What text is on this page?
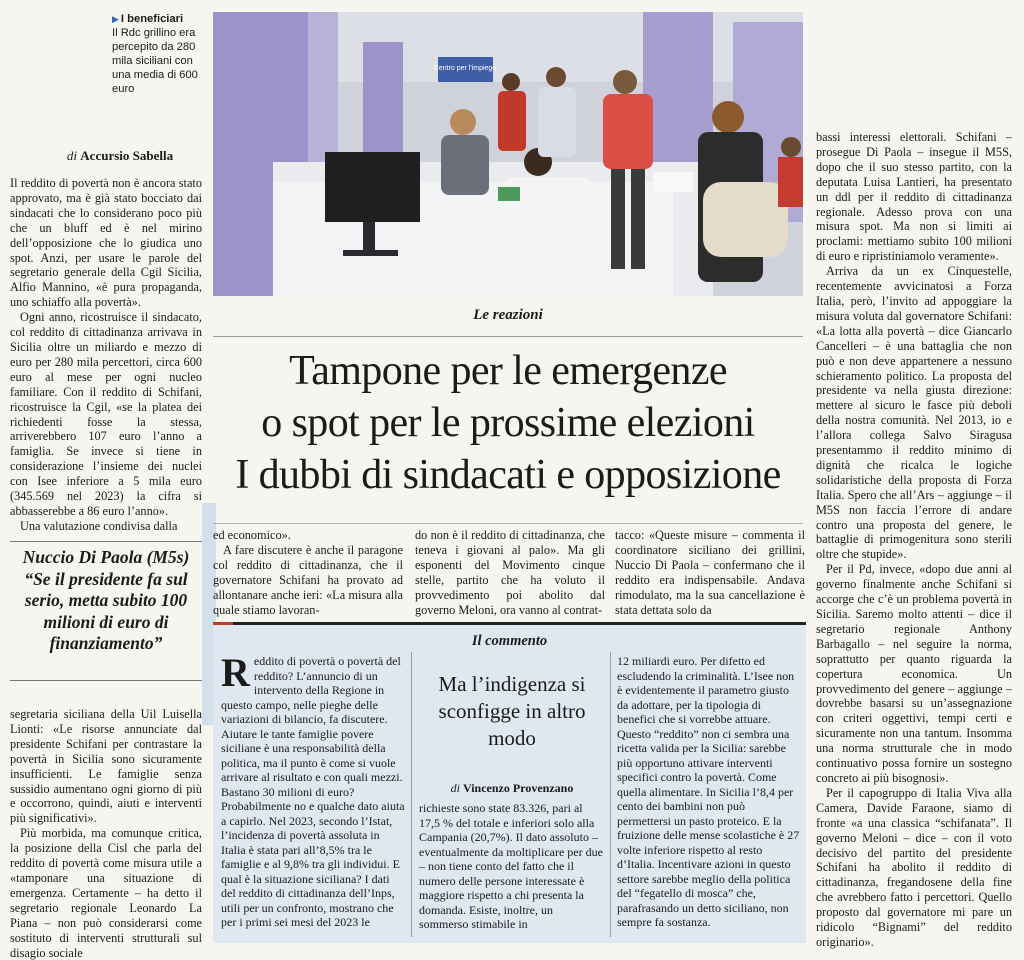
▶ I beneficiari
Il Rdc grillino era percepito da 280 mila siciliani con una media di 600 euro
di Accursio Sabella

Il reddito di povertà non è ancora stato approvato, ma è già stato bocciato dai sindacati che lo considerano poco più che un bluff ed è nel mirino dell’opposizione che lo giudica uno spot. Anzi, per usare le parole del segretario generale della Cgil Sicilia, Alfio Mannino, «è pura propaganda, uno schiaffo alla povertà».

Ogni anno, ricostruisce il sindacato, col reddito di cittadinanza arrivava in Sicilia oltre un miliardo e mezzo di euro per 280 mila percettori, circa 600 euro al mese per ogni nucleo familiare. Con il reddito di Schifani, ricostruisce la Cgil, «se la platea dei richiedenti fosse la stessa, arriverebbero 107 euro l’anno a famiglia. Se invece si tiene in considerazione l’insieme dei nuclei con Isee inferiore a 5 mila euro (345.569 nel 2023) la cifra si abbasserebbe a 86 euro l’anno».

Una valutazione condivisa dalla

Nuccio Di Paola (M5s)
“Se il presidente fa sul serio, metta subito 100 milioni di euro di finanziamento”

segretaria siciliana della Uil Luisella Lionti: «Le risorse annunciate dal presidente Schifani per contrastare la povertà in Sicilia sono sicuramente insufficienti. Le famiglie senza sussidio aumentano ogni giorno di più e occorrono, quindi, aiuti e interventi più significativi».

Più morbida, ma comunque critica, la posizione della Cisl che parla del reddito di povertà come misura utile a «tamponare una situazione di emergenza. Certamente – ha detto il segretario regionale Leonardo La Piana – non può considerarsi come sostituto di interventi strutturali sul disagio sociale

Centro per l'impiego
Le reazioni
Tampone per le emergenze
o spot per le prossime elezioni
I dubbi di sindacati e opposizione

ed economico».

A fare discutere è anche il paragone col reddito di cittadinanza, che il governatore Schifani ha provato ad allontanare anche ieri: «La misura alla quale stiamo lavoran-

do non è il reddito di cittadinanza, che teneva i giovani al palo». Ma gli esponenti del Movimento cinque stelle, partito che ha voluto il provvedimento poi abolito dal governo Meloni, ora vanno al contrat-

tacco: «Queste misure – commenta il coordinatore siciliano dei grillini, Nuccio Di Paola – confermano che il reddito era indispensabile. Andava rimodulato, ma la sua cancellazione è stata dettata solo da

bassi interessi elettorali. Schifani – prosegue Di Paola – insegue il M5S, dopo che il suo stesso partito, con la deputata Luisa Lantieri, ha presentato un ddl per il reddito di cittadinanza regionale. Adesso prova con una misura spot. Ma non si limiti ai proclami: mettiamo subito 100 milioni di euro e ripristiniamolo veramente».

Arriva da un ex Cinquestelle, recentemente avvicinatosi a Forza Italia, però, l’invito ad appoggiare la misura voluta dal governatore Schifani: «La lotta alla povertà – dice Giancarlo Cancelleri – è una battaglia che non può e non deve appartenere a nessuno schieramento politico. La proposta del presidente va nella giusta direzione: mettere al sicuro le fasce più deboli della nostra comunità. Nel 2013, io e l’allora collega Salvo Siragusa presentammo il reddito minimo di dignità che ricalca le logiche solidaristiche della proposta di Forza Italia. Spero che all’Ars – aggiunge – il M5S non faccia l’errore di andare contro una proposta del genere, le battaglie di primogenitura sono sterili oltre che stupide».

Per il Pd, invece, «dopo due anni al governo finalmente anche Schifani si accorge che c’è un problema povertà in Sicilia. Saremo molto attenti – dice il segretario regionale Anthony Barbagallo – nel seguire la norma, soprattutto per quanto riguarda la copertura economica. Un provvedimento del genere – aggiunge – dovrebbe basarsi su un’assegnazione con criteri oggettivi, tempi certi e sicuramente non una tantum. Insomma una norma strutturale che in modo continuativo possa fornire un sostegno concreto ai più bisognosi».

Per il capogruppo di Italia Viva alla Camera, Davide Faraone, siamo di fronte «a una classica “schifanata”. Il governo Meloni – dice – con il voto decisivo del partito del presidente Schifani ha abolito il reddito di cittadinanza, fregandosene della fine che avrebbero fatto i percettori. Quello proposto dal governatore mi pare un ridicolo “Bignami” del reddito originario».

Il commento
Reddito di povertà o povertà del reddito? L’annuncio di un intervento della Regione in questo campo, nelle pieghe delle variazioni di bilancio, fa discutere. Aiutare le tante famiglie povere siciliane è una responsabilità della politica, ma il punto è come si vuole arrivare al risultato e con quali mezzi. Bastano 30 milioni di euro? Probabilmente no e qualche dato aiuta a capirlo. Nel 2023, secondo l’Istat, l’incidenza di povertà assoluta in Italia è stata pari all’8,5% tra le famiglie e al 9,8% tra gli individui. E qual è la situazione siciliana? I dati del reddito di cittadinanza dell’Inps, utili per un confronto, mostrano che per i primi sei mesi del 2023 le
Ma l’indigenza si sconfigge in altro modo
di Vincenzo Provenzano
richieste sono state 83.326, pari al 17,5 % del totale e inferiori solo alla Campania (20,7%). Il dato assoluto – eventualmente da moltiplicare per due – non tiene conto del fatto che il numero delle persone interessate è maggiore rispetto a chi presenta la domanda. Esiste, inoltre, un sommerso stimabile in
12 miliardi euro. Per difetto ed escludendo la criminalità. L’Isee non è evidentemente il parametro giusto da adottare, per la tipologia di benefici che si vorrebbe attuare. Questo “reddito” non ci sembra una ricetta valida per la Sicilia: sarebbe più opportuno attivare interventi specifici contro la povertà. Come quella alimentare. In Sicilia l’8,4 per cento dei bambini non può permettersi un pasto proteico. E la fruizione delle mense scolastiche è 27 volte inferiore rispetto al resto d’Italia. Incentivare azioni in questo settore sarebbe meglio della politica del “fegatello di mosca” che, parafrasando un detto siciliano, non sempre fa sostanza.
